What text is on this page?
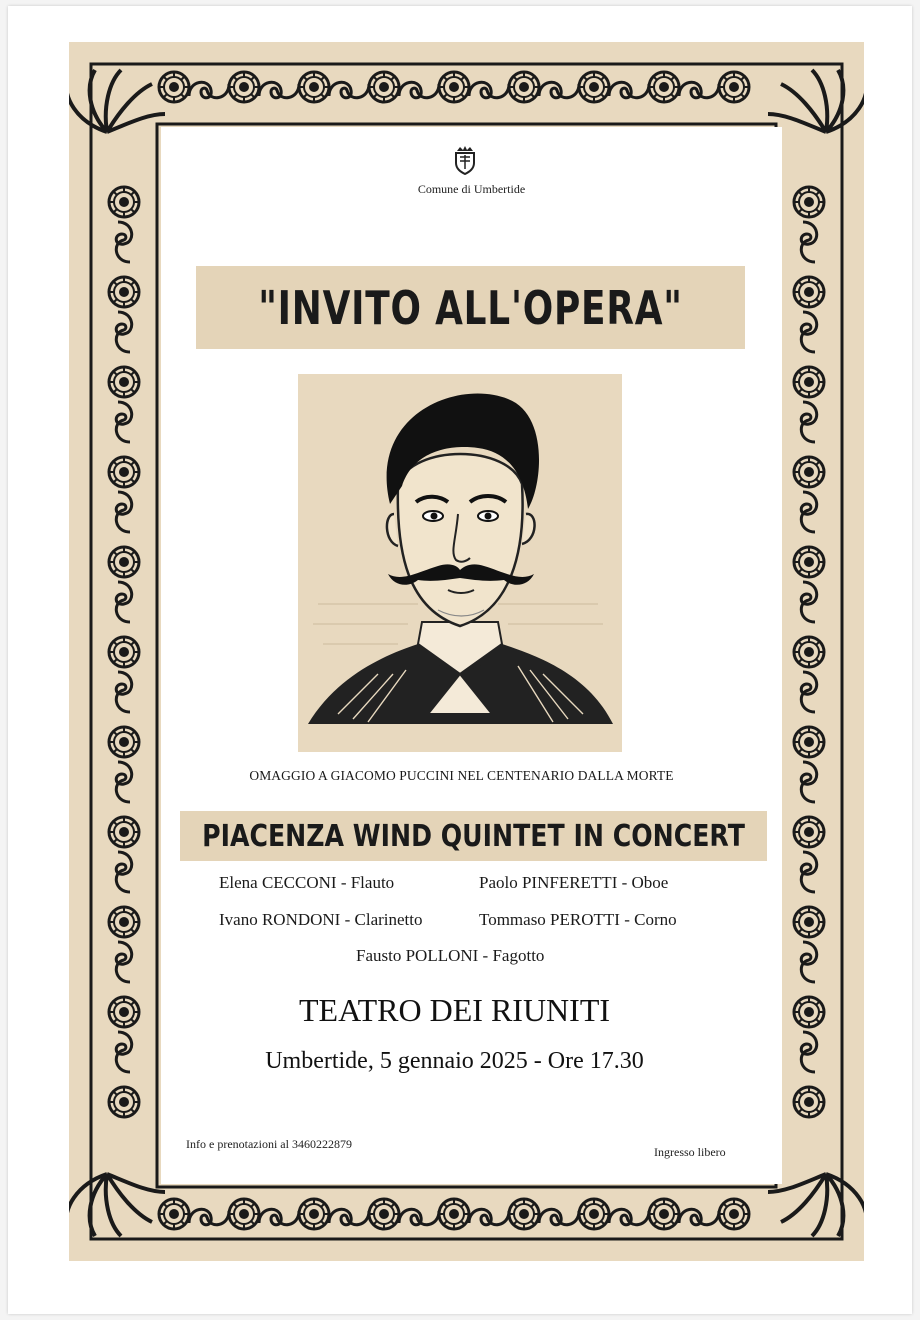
Comune di Umbertide
"INVITO ALL'OPERA"
OMAGGIO A GIACOMO PUCCINI NEL CENTENARIO DALLA MORTE
PIACENZA WIND QUINTET IN CONCERT
Elena CECCONI - Flauto	Paolo PINFERETTI - Oboe
Ivano RONDONI - Clarinetto	Tommaso PEROTTI - Corno
Fausto POLLONI - Fagotto
TEATRO DEI RIUNITI
Umbertide, 5 gennaio 2025 - Ore 17.30
Info e prenotazioni al 3460222879
Ingresso libero
